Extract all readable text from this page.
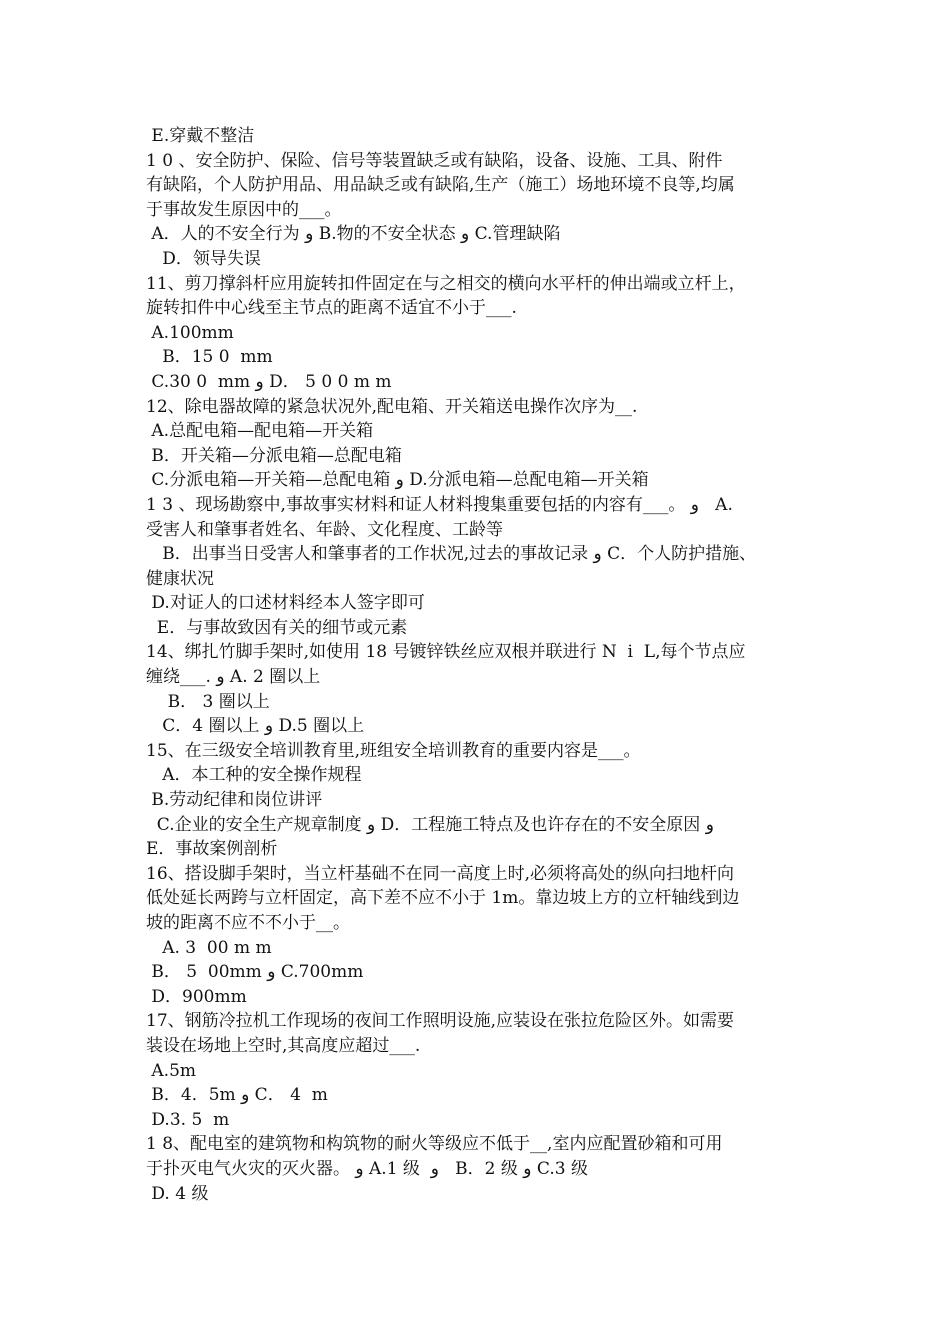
E.穿戴不整洁
1 0 、安全防护、保险、信号等装置缺乏或有缺陷，设备、设施、工具、附件
有缺陷，个人防护用品、用品缺乏或有缺陷,生产（施工）场地环境不良等,均属
于事故发生原因中的___。
A．人的不安全行为 و B.物的不安全状态 و C.管理缺陷
D．领导失误
11、剪刀撑斜杆应用旋转扣件固定在与之相交的横向水平杆的伸出端或立杆上，
旋转扣件中心线至主节点的距离不适宜不小于___.
A.100mm
B．15 0  mm
C.30 0  mm و D． 5 0 0 m m
12、除电器故障的紧急状况外,配电箱、开关箱送电操作次序为__.
A.总配电箱—配电箱—开关箱
B．开关箱—分派电箱—总配电箱
C.分派电箱—开关箱—总配电箱 و D.分派电箱—总配电箱—开关箱
1 3 、现场勘察中,事故事实材料和证人材料搜集重要包括的内容有___。 و   A.
受害人和肇事者姓名、年龄、文化程度、工龄等
B．出事当日受害人和肇事者的工作状况,过去的事故记录 و C．个人防护措施、
健康状况
D.对证人的口述材料经本人签字即可
E．与事故致因有关的细节或元素
14、绑扎竹脚手架时,如使用 18 号镀锌铁丝应双根并联进行 N  i  L,每个节点应
缠绕___. و A. 2 圈以上
B． 3 圈以上
C．4 圈以上 و D.5 圈以上
15、在三级安全培训教育里,班组安全培训教育的重要内容是___。
A．本工种的安全操作规程
B.劳动纪律和岗位讲评
C.企业的安全生产规章制度 و D．工程施工特点及也许存在的不安全原因 و
E．事故案例剖析
16、搭设脚手架时，当立杆基础不在同一高度上时,必须将高处的纵向扫地杆向
低处延长两跨与立杆固定，高下差不应不小于 1m。靠边坡上方的立杆轴线到边
坡的距离不应不不小于__。
A. 3  00 m m
B． 5  00mm و C.700mm
D．900mm
17、钢筋冷拉机工作现场的夜间工作照明设施,应装设在张拉危险区外。如需要
装设在场地上空时,其高度应超过___.
A.5m
B．4．5m و C． 4  m
D.3. 5  m
1 8、配电室的建筑物和构筑物的耐火等级应不低于__,室内应配置砂箱和可用
于扑灭电气火灾的灭火器。 و A.1 级  و   B．2 级 و C.3 级
D. 4 级
